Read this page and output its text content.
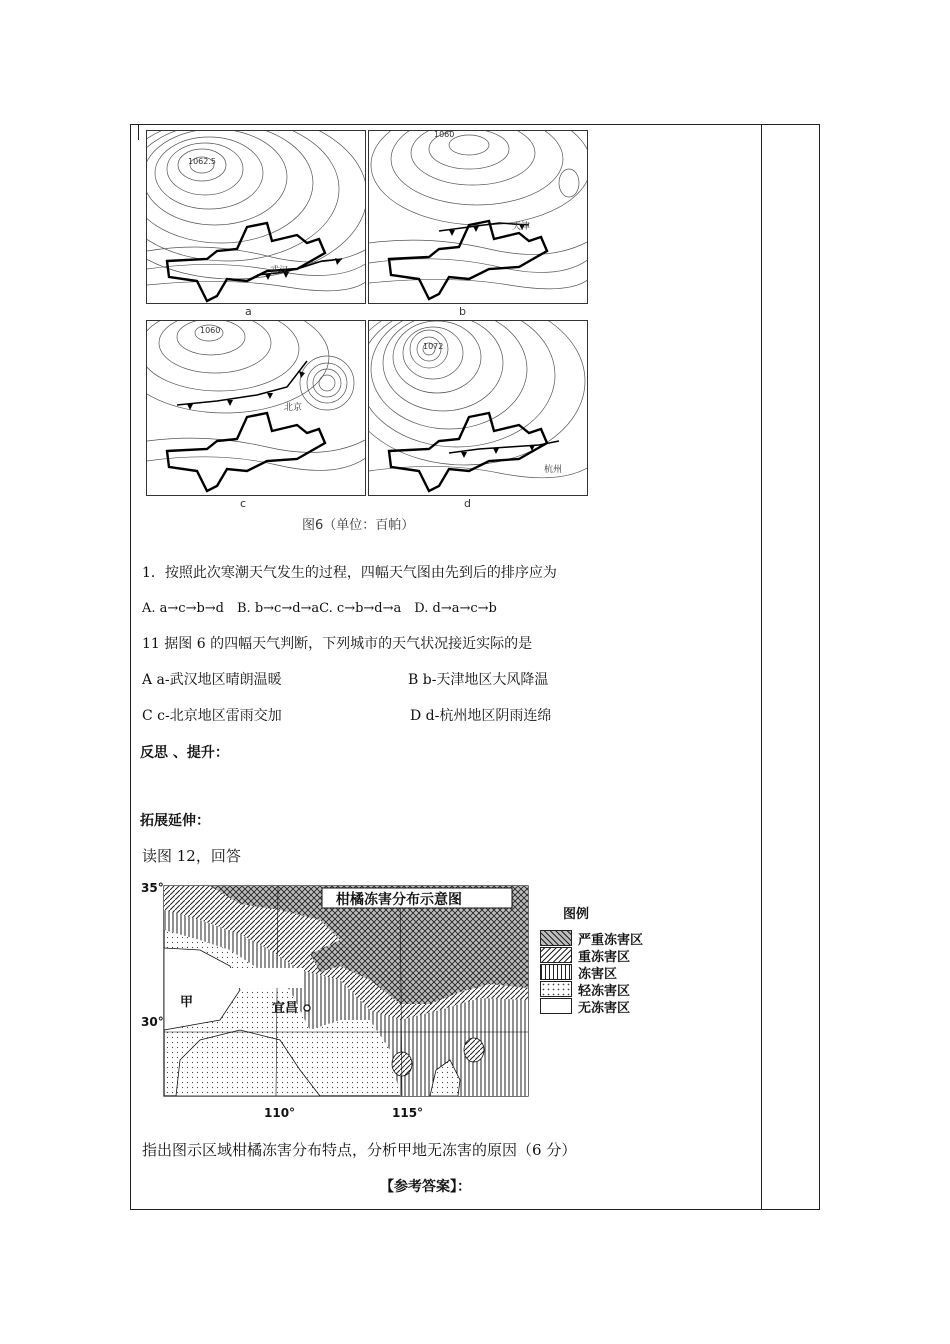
a	b
c	d
1062.5
1060
1060
1072
武汉
天津
北京
杭州
图6（单位：百帕）
1．按照此次寒潮天气发生的过程，四幅天气图由先到后的排序应为
A. a→c→b→d　B. b→c→d→aC. c→b→d→a　D. d→a→c→b
11 据图 6 的四幅天气判断，下列城市的天气状况接近实际的是
A a-武汉地区晴朗温暖	B b-天津地区大风降温
C c-北京地区雷雨交加	D d-杭州地区阴雨连绵
反思 、提升：
拓展延伸：
读图 12，回答
柑橘冻害分布示意图
35°
30°
110°	115°
甲	宜昌
图例
严重冻害区
重冻害区
冻害区
轻冻害区
无冻害区
指出图示区域柑橘冻害分布特点，分析甲地无冻害的原因（6 分）
【参考答案】：
